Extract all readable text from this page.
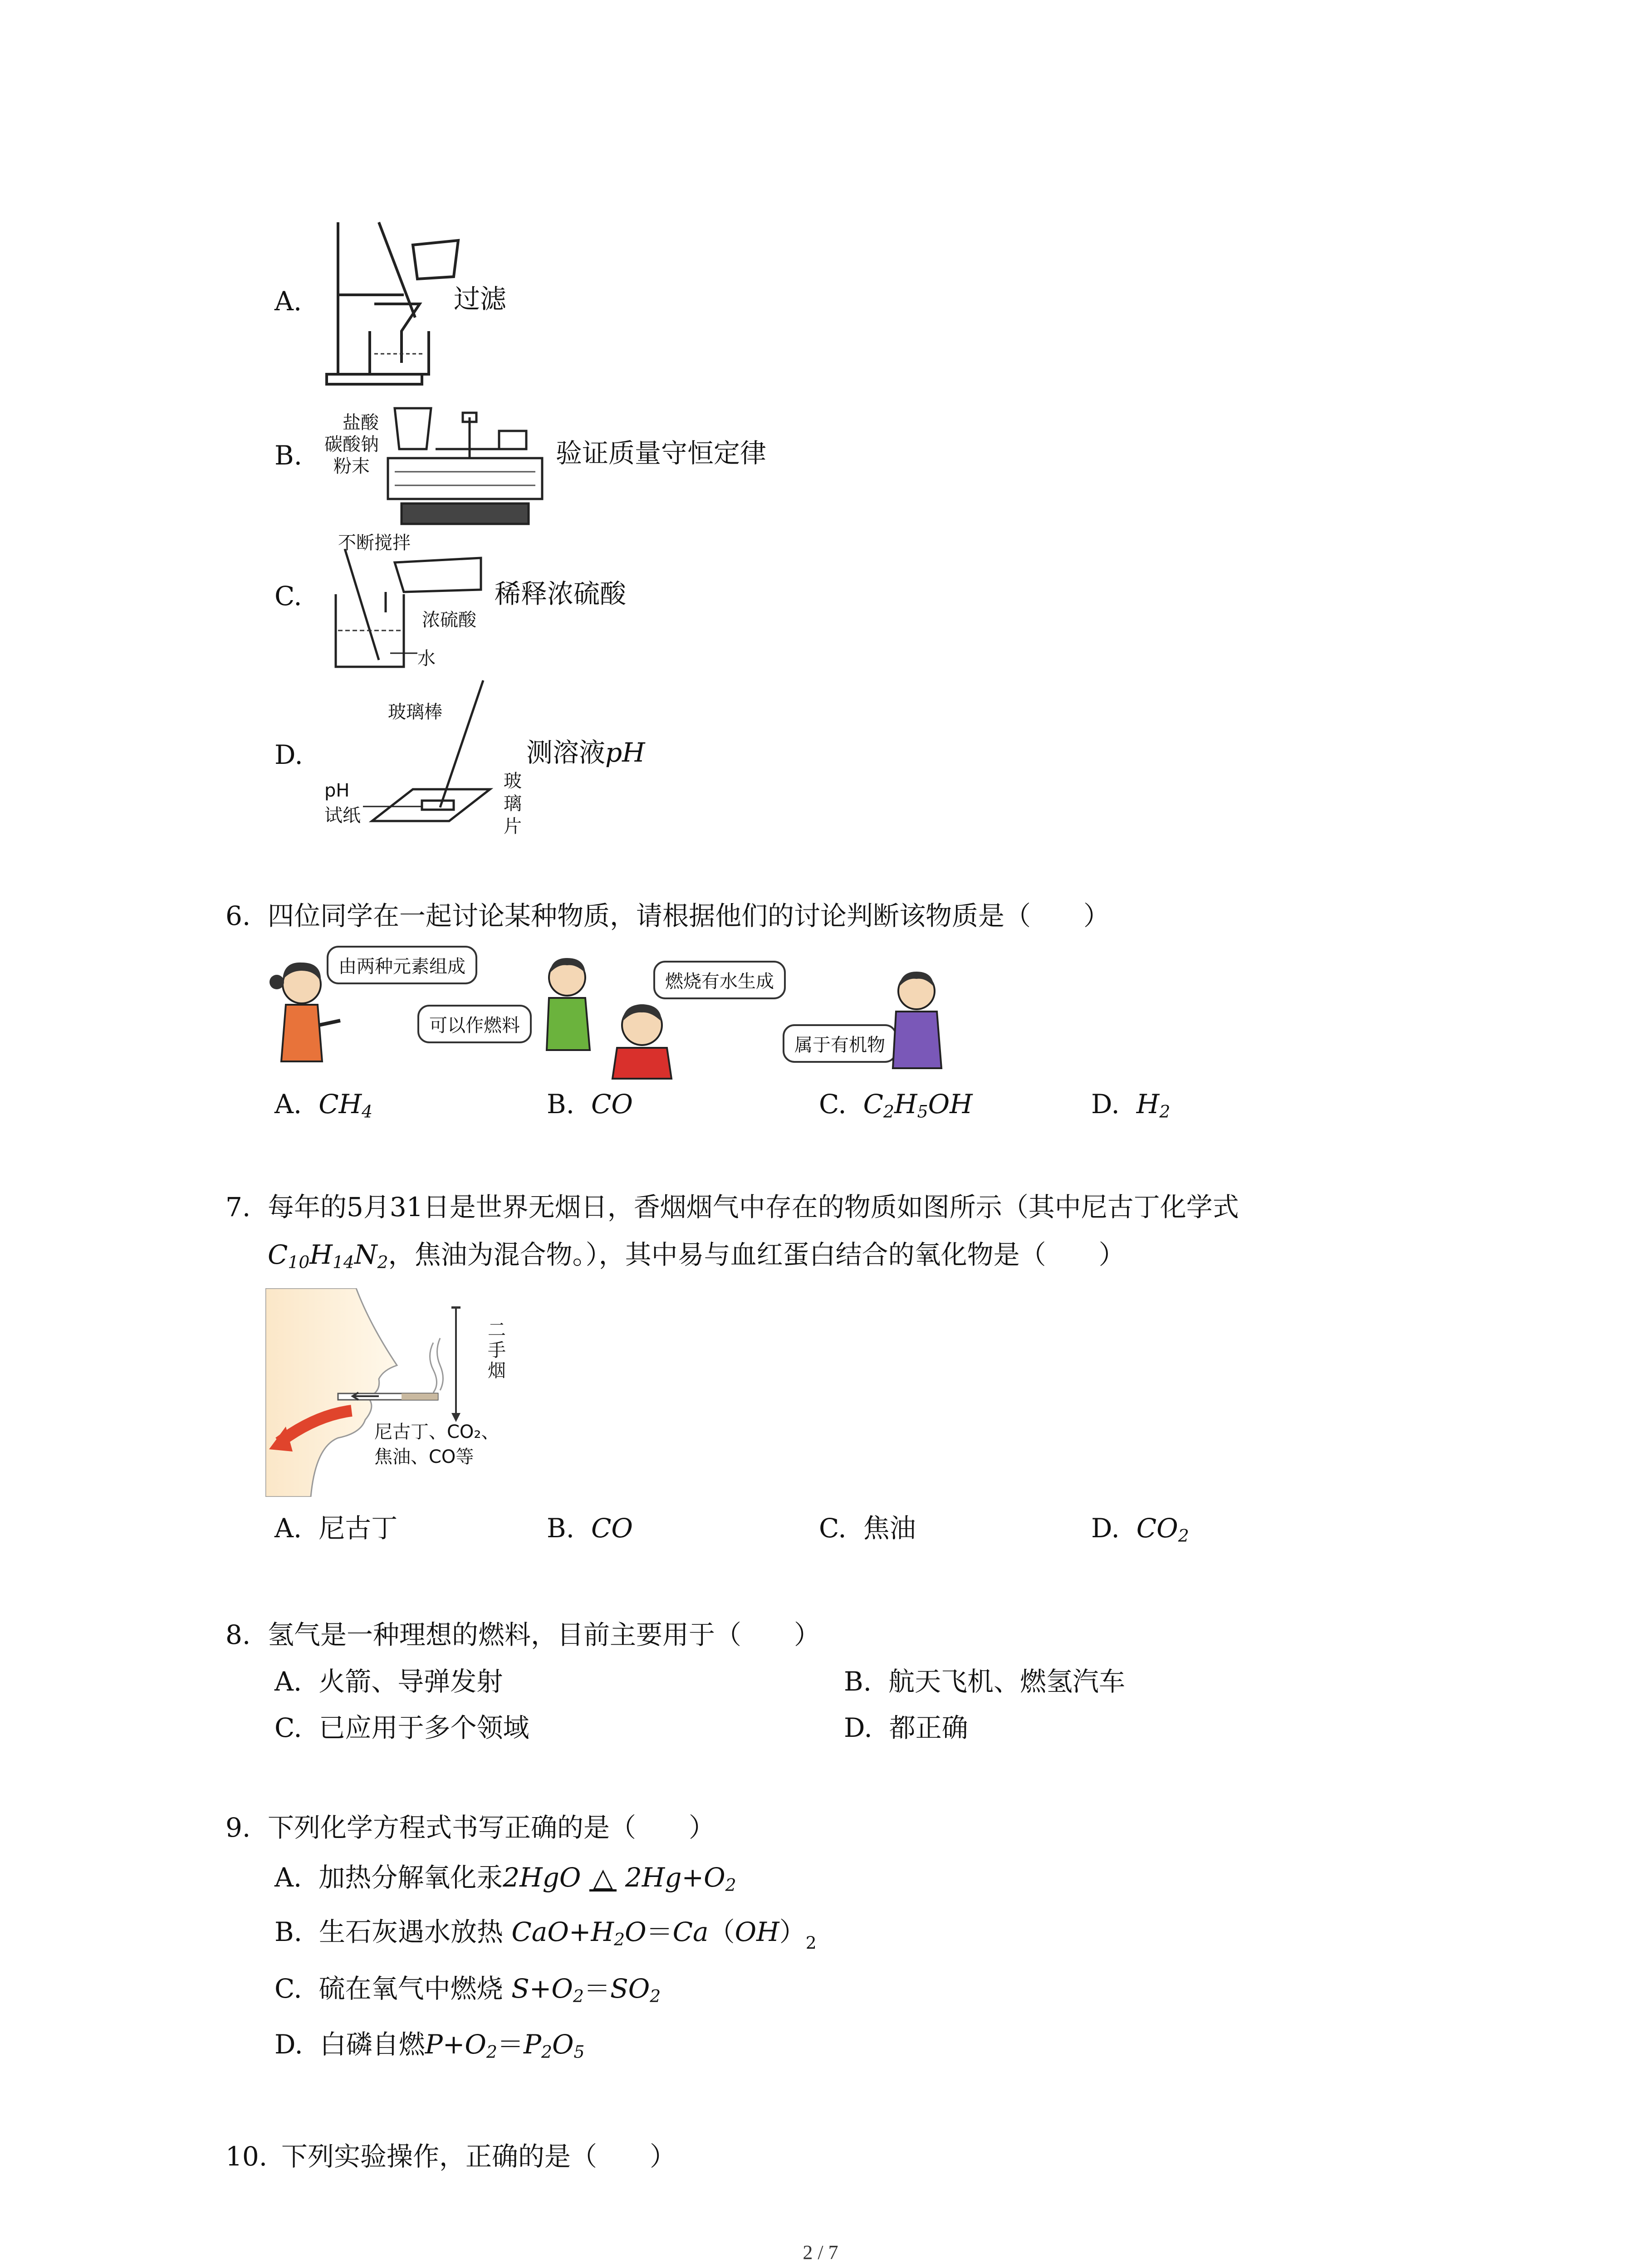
A.	过滤
B.
盐酸
碳酸钠
粉末	验证质量守恒定律
C.
不断搅拌
浓硫酸
水
稀释浓硫酸
D.
玻璃棒
pH
试纸
玻
璃
片
测溶液pH
6. 四位同学在一起讨论某种物质，请根据他们的讨论判断该物质是（　　）
由两种元素组成
可以作燃料
燃烧有水生成
属于有机物
A. $CH_4$	B. CO	C. $C_2H_5OH$	D. $H_2$
7. 每年的5月31日是世界无烟日，香烟烟气中存在的物质如图所示（其中尼古丁化学式
$C_{10}H_{14}N_2$，焦油为混合物。），其中易与血红蛋白结合的氧化物是（　　）
二
手
烟
尼古丁、CO₂、
焦油、CO等
A. 尼古丁	B. CO	C. 焦油	D. $CO_2$
8. 氢气是一种理想的燃料，目前主要用于（　　）
A. 火箭、导弹发射	B. 航天飞机、燃氢汽车
C. 已应用于多个领域	D. 都正确
9. 下列化学方程式书写正确的是（　　）
A. 加热分解氧化汞2HgO △ $2Hg+O_2$
B. 生石灰遇水放热 $CaO+H_2O=Ca(OH)_2$
C. 硫在氧气中燃烧 $S+O_2=SO_2$
D. 白磷自燃$P+O_2=P_2O_5$
10. 下列实验操作，正确的是（　　）
2 / 7
